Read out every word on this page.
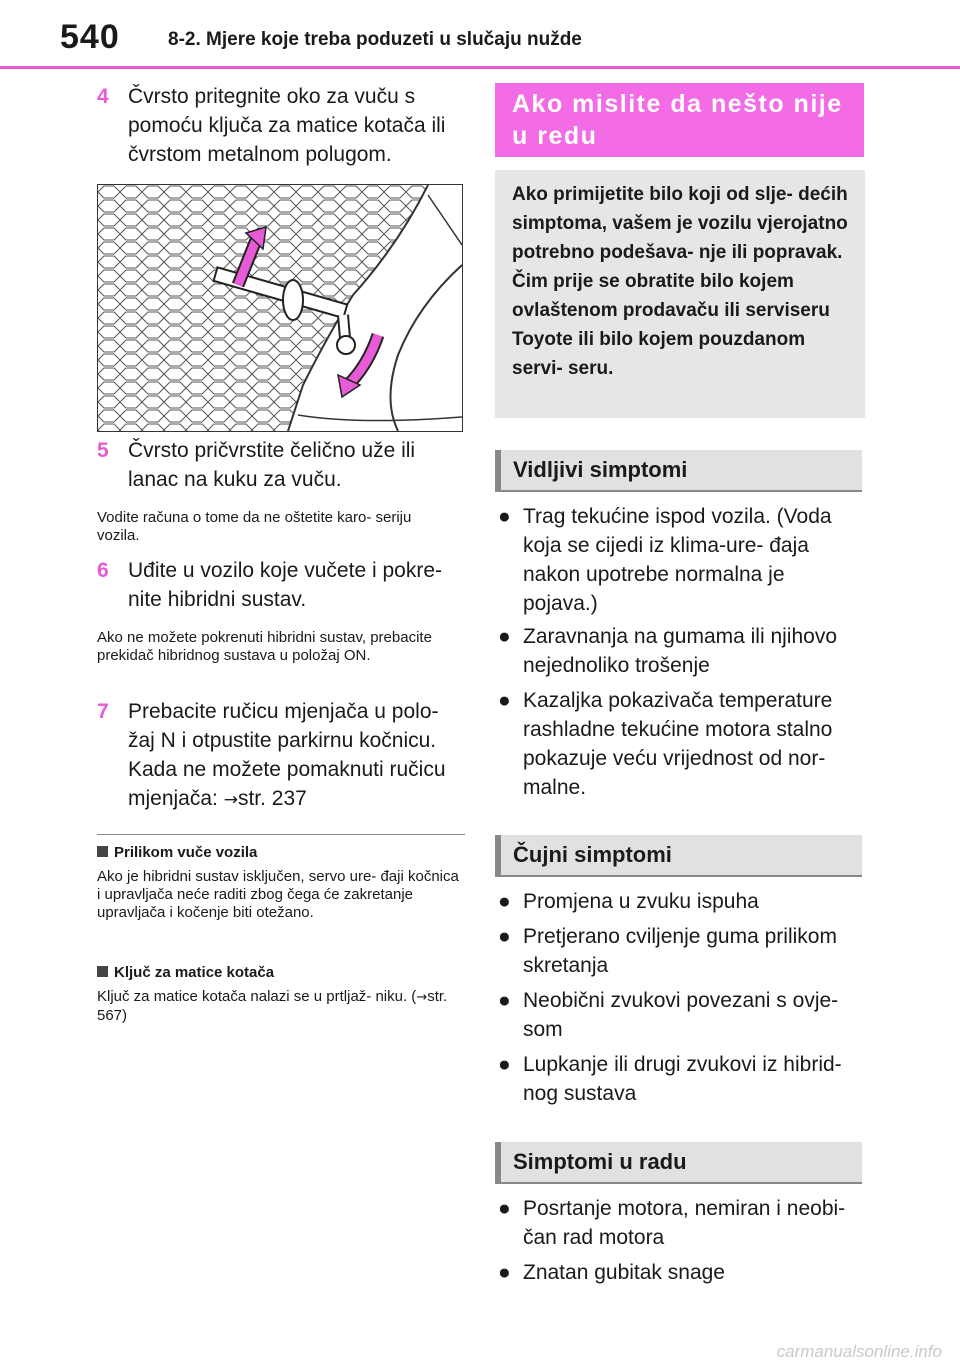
540	8-2. Mjere koje treba poduzeti u slučaju nužde
4 Čvrsto pritegnite oko za vuču s pomoću ključa za matice kotača ili čvrstom metalnom polugom.
5 Čvrsto pričvrstite čelično uže ili lanac na kuku za vuču.
Vodite računa o tome da ne oštetite karo- seriju vozila.
6 Uđite u vozilo koje vučete i pokre- nite hibridni sustav.
Ako ne možete pokrenuti hibridni sustav, prebacite prekidač hibridnog sustava u položaj ON.
7 Prebacite ručicu mjenjača u polo- žaj N i otpustite parkirnu kočnicu. Kada ne možete pomaknuti ručicu mjenjača: →str. 237
Prilikom vuče vozila
Ako je hibridni sustav isključen, servo ure- đaji kočnica i upravljača neće raditi zbog čega će zakretanje upravljača i kočenje biti otežano.
Ključ za matice kotača
Ključ za matice kotača nalazi se u prtljaž- niku. (→str. 567)
Ako mislite da nešto nije u redu
Ako primijetite bilo koji od slje- dećih simptoma, vašem je vozilu vjerojatno potrebno podešava- nje ili popravak. Čim prije se obratite bilo kojem ovlaštenom prodavaču ili serviseru Toyote ili bilo kojem pouzdanom servi- seru.
Vidljivi simptomi
● Trag tekućine ispod vozila. (Voda koja se cijedi iz klima-ure- đaja nakon upotrebe normalna je pojava.)
● Zaravnanja na gumama ili njihovo nejednoliko trošenje
● Kazaljka pokazivača temperature rashladne tekućine motora stalno pokazuje veću vrijednost od nor- malne.
Čujni simptomi
● Promjena u zvuku ispuha
● Pretjerano cviljenje guma prilikom skretanja
● Neobični zvukovi povezani s ovje- som
● Lupkanje ili drugi zvukovi iz hibrid- nog sustava
Simptomi u radu
● Posrtanje motora, nemiran i neobi- čan rad motora
● Znatan gubitak snage
carmanualsonline.info
